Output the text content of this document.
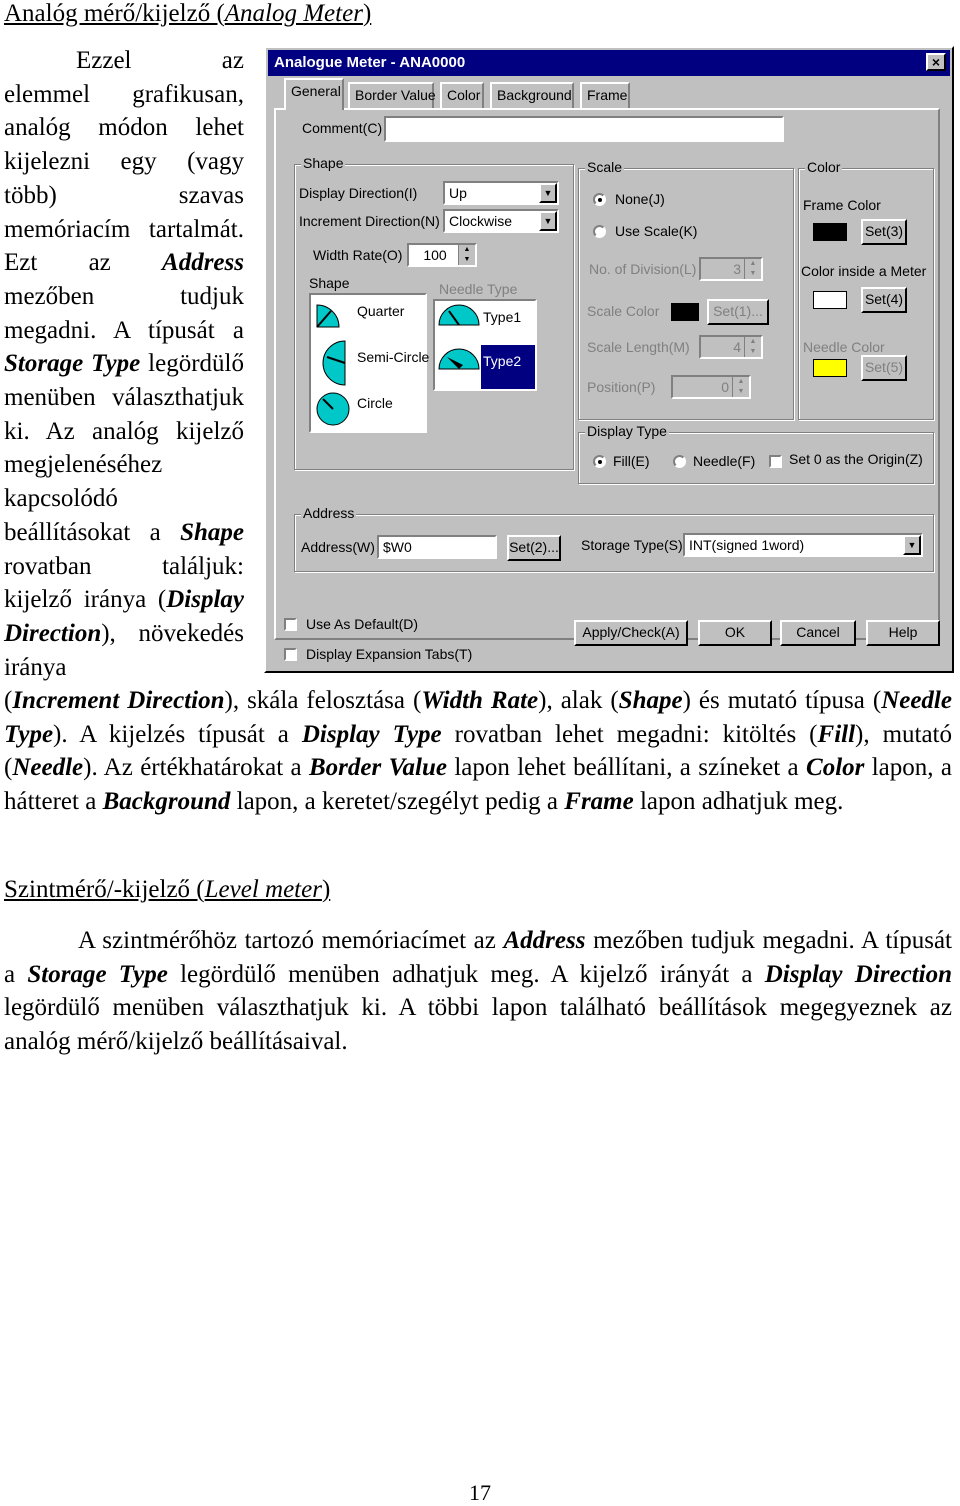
Analóg mérő/kijelző (Analog Meter)

Ezzel az elemmel grafikusan, analóg módon lehet kijelezni egy (vagy több) szavas memóriacím tartalmát. Ezt az Address mezőben tudjuk megadni. A típusát a Storage Type legördülő menüben választhatjuk ki. Az analóg kijelző megjelenéséhez kapcsolódó beállításokat a Shape rovatban találjuk: kijelző iránya (Display Direction), növekedés iránya

Analogue Meter - ANA0000	×
General	Border Value Color	Background	Frame
Comment(C)
Shape
Display Direction(I)	Up	▼
Increment Direction(N) Clockwise	▼
Width Rate(O)	100	▲
▼
Shape	Needle Type
Quarter
Semi-Circle
Circle
Type1
Type2
Scale
None(J)
Use Scale(K)
No. of Division(L)	3	▲
▼
Scale Color	Set(1)...
Scale Length(M)	4	▲
▼
Position(P)	0	▲
▼
Color
Frame Color
Set(3)
Color inside a Meter
Set(4)
Needle Color
Set(5)
Display Type
Fill(E)	Needle(F) Set 0 as the Origin(Z)
Address
Address(W) $W0	Set(2)... Storage Type(S) INT(signed 1word)	▼
Use As Default(D)
Display Expansion Tabs(T)
Apply/Check(A)	OK	Cancel	Help

(Increment Direction), skála felosztása (Width Rate), alak (Shape) és mutató típusa (Needle Type). A kijelzés típusát a Display Type rovatban lehet megadni: kitöltés (Fill), mutató (Needle). Az értékhatárokat a Border Value lapon lehet beállítani, a színeket a Color lapon, a hátteret a Background lapon, a keretet/szegélyt pedig a Frame lapon adhatjuk meg.

Szintmérő/-kijelző (Level meter)

A szintmérőhöz tartozó memóriacímet az Address mezőben tudjuk megadni. A típusát a Storage Type legördülő menüben adhatjuk meg. A kijelző irányát a Display Direction legördülő menüben választhatjuk ki. A többi lapon található beállítások megegyeznek az analóg mérő/kijelző beállításaival.

17
